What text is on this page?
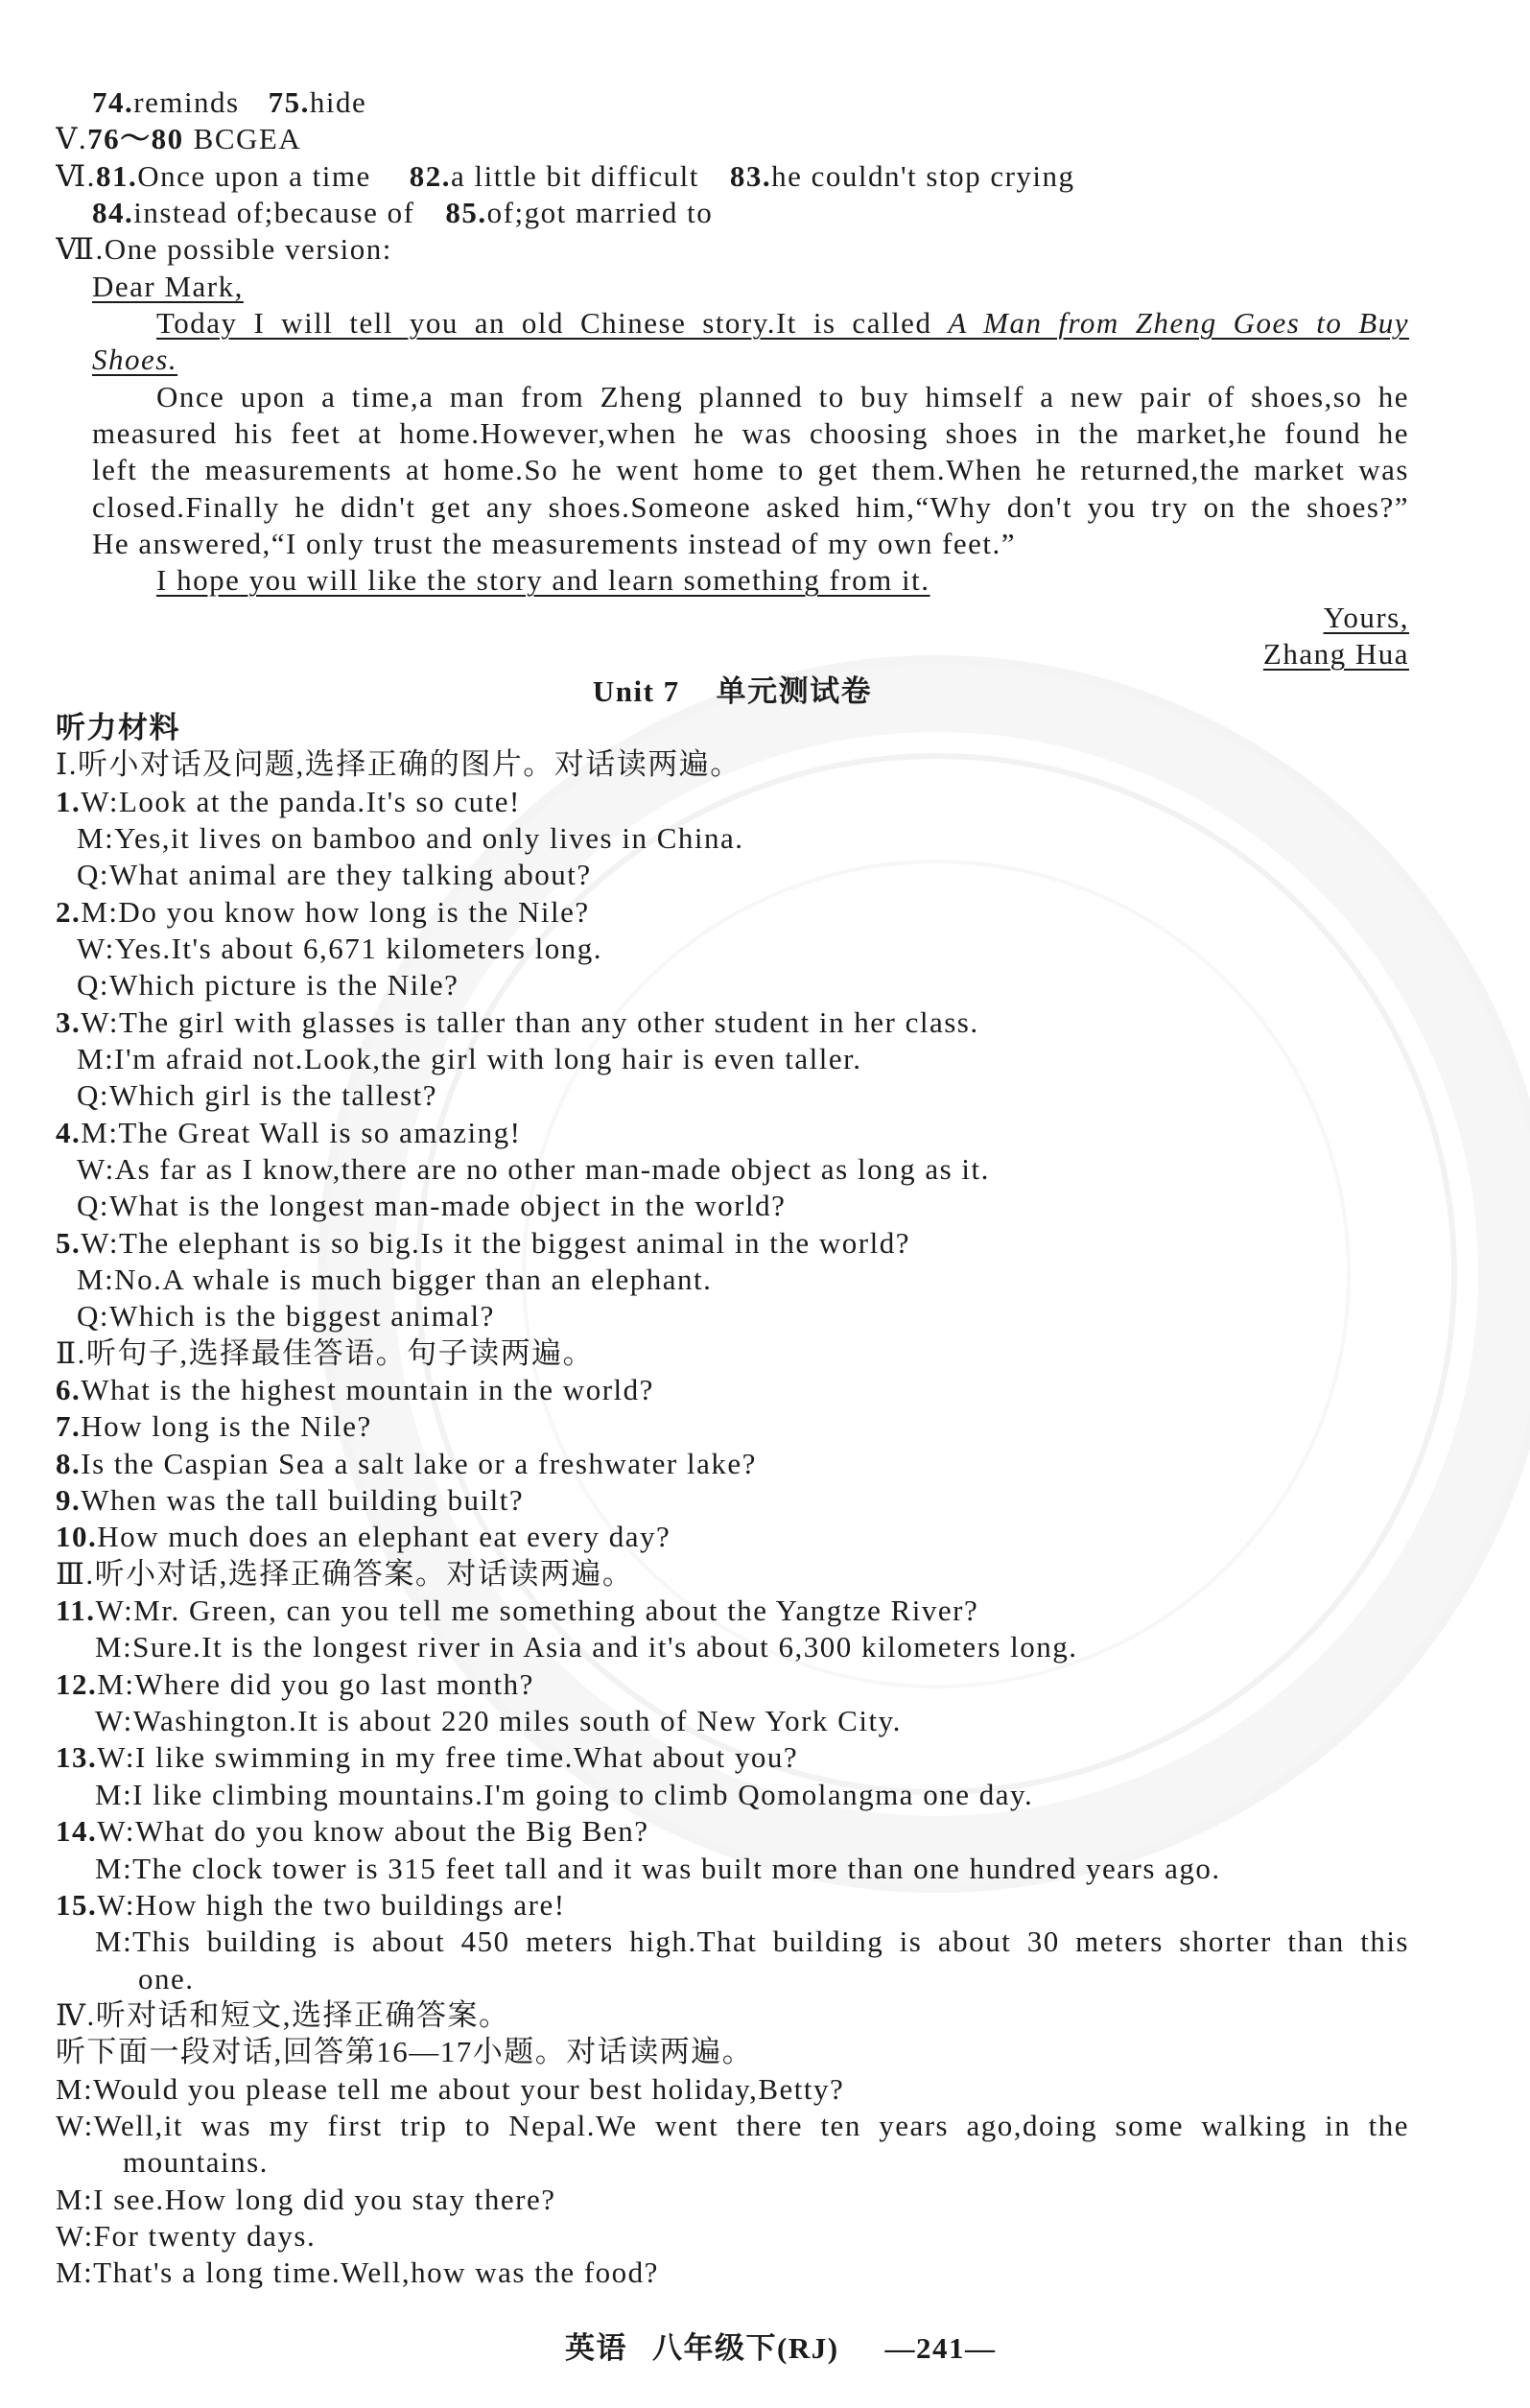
74.reminds 75.hide
Ⅴ.76～80 BCGEA
Ⅵ.81.Once upon a time 82.a little bit difficult 83.he couldn't stop crying
84.instead of;because of 85.of;got married to
Ⅶ.One possible version:
Dear Mark,
Today I will tell you an old Chinese story.It is called A Man from Zheng Goes to Buy
Shoes.
Once upon a time,a man from Zheng planned to buy himself a new pair of shoes,so he
measured his feet at home.However,when he was choosing shoes in the market,he found he
left the measurements at home.So he went home to get them.When he returned,the market was
closed.Finally he didn't get any shoes.Someone asked him,“Why don't you try on the shoes?”
He answered,“I only trust the measurements instead of my own feet.”
I hope you will like the story and learn something from it.
Yours,
Zhang Hua
Unit 7 单元测试卷
听力材料
Ⅰ.听小对话及问题,选择正确的图片。对话读两遍。
1.W:Look at the panda.It's so cute!
M:Yes,it lives on bamboo and only lives in China.
Q:What animal are they talking about?
2.M:Do you know how long is the Nile?
W:Yes.It's about 6,671 kilometers long.
Q:Which picture is the Nile?
3.W:The girl with glasses is taller than any other student in her class.
M:I'm afraid not.Look,the girl with long hair is even taller.
Q:Which girl is the tallest?
4.M:The Great Wall is so amazing!
W:As far as I know,there are no other man-made object as long as it.
Q:What is the longest man-made object in the world?
5.W:The elephant is so big.Is it the biggest animal in the world?
M:No.A whale is much bigger than an elephant.
Q:Which is the biggest animal?
Ⅱ.听句子,选择最佳答语。句子读两遍。
6.What is the highest mountain in the world?
7.How long is the Nile?
8.Is the Caspian Sea a salt lake or a freshwater lake?
9.When was the tall building built?
10.How much does an elephant eat every day?
Ⅲ.听小对话,选择正确答案。对话读两遍。
11.W:Mr. Green, can you tell me something about the Yangtze River?
M:Sure.It is the longest river in Asia and it's about 6,300 kilometers long.
12.M:Where did you go last month?
W:Washington.It is about 220 miles south of New York City.
13.W:I like swimming in my free time.What about you?
M:I like climbing mountains.I'm going to climb Qomolangma one day.
14.W:What do you know about the Big Ben?
M:The clock tower is 315 feet tall and it was built more than one hundred years ago.
15.W:How high the two buildings are!
M:This building is about 450 meters high.That building is about 30 meters shorter than this
one.
Ⅳ.听对话和短文,选择正确答案。
听下面一段对话,回答第16—17小题。对话读两遍。
M:Would you please tell me about your best holiday,Betty?
W:Well,it was my first trip to Nepal.We went there ten years ago,doing some walking in the
mountains.
M:I see.How long did you stay there?
W:For twenty days.
M:That's a long time.Well,how was the food?
英语 八年级下(RJ) —241—
